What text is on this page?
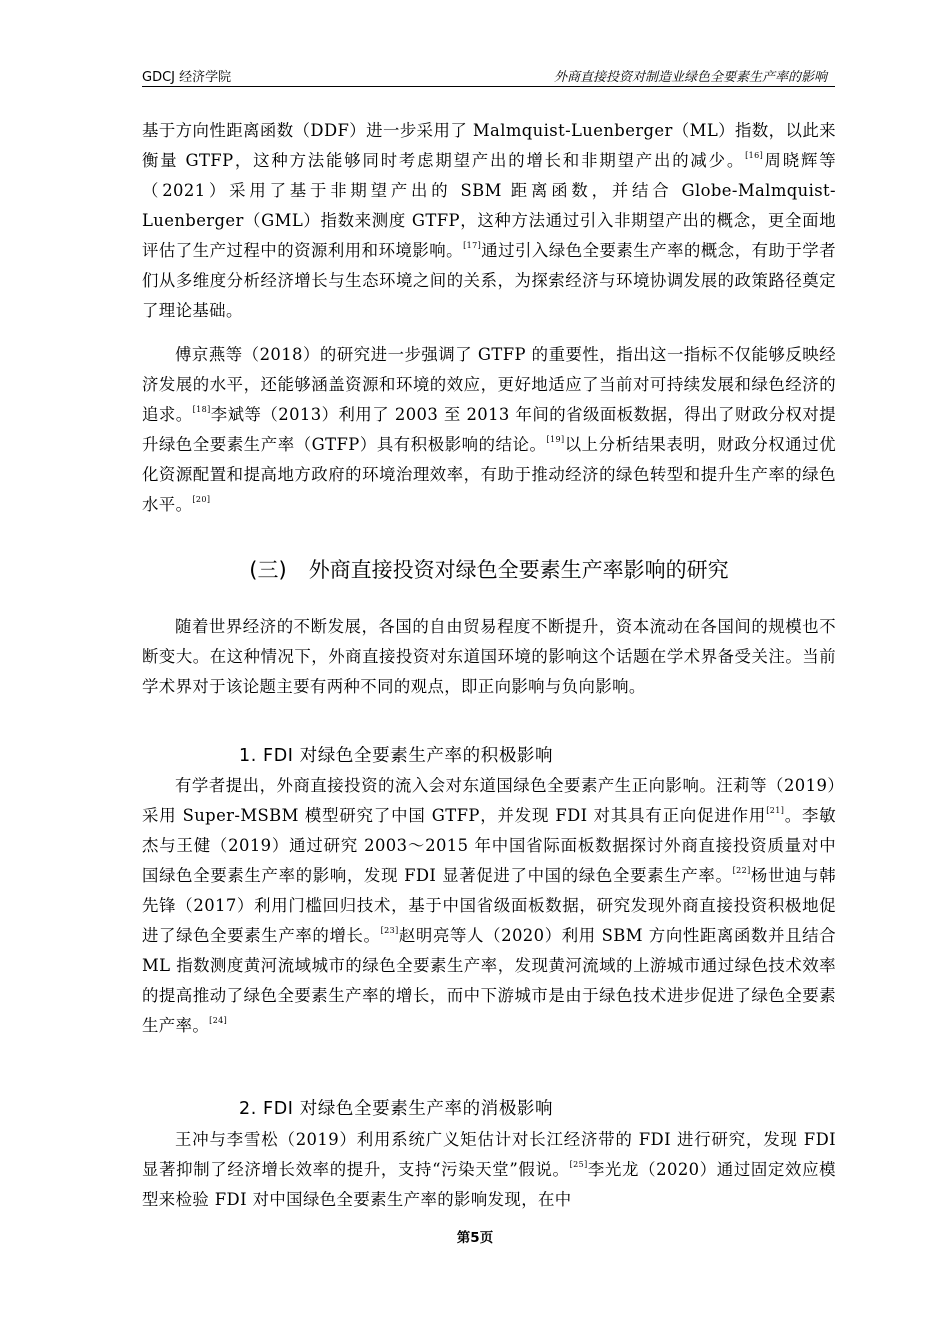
GDCJ 经济学院	外商直接投资对制造业绿色全要素生产率的影响

基于方向性距离函数（DDF）进一步采用了 Malmquist-Luenberger（ML）指数，以此来衡量 GTFP，这种方法能够同时考虑期望产出的增长和非期望产出的减少。[16]周晓辉等（2021）采用了基于非期望产出的 SBM 距离函数，并结合 Globe-Malmquist-Luenberger（GML）指数来测度 GTFP，这种方法通过引入非期望产出的概念，更全面地评估了生产过程中的资源利用和环境影响。[17]通过引入绿色全要素生产率的概念，有助于学者们从多维度分析经济增长与生态环境之间的关系，为探索经济与环境协调发展的政策路径奠定了理论基础。

傅京燕等（2018）的研究进一步强调了 GTFP 的重要性，指出这一指标不仅能够反映经济发展的水平，还能够涵盖资源和环境的效应，更好地适应了当前对可持续发展和绿色经济的追求。[18]李斌等（2013）利用了 2003 至 2013 年间的省级面板数据，得出了财政分权对提升绿色全要素生产率（GTFP）具有积极影响的结论。[19]以上分析结果表明，财政分权通过优化资源配置和提高地方政府的环境治理效率，有助于推动经济的绿色转型和提升生产率的绿色水平。[20]

(三) 外商直接投资对绿色全要素生产率影响的研究

随着世界经济的不断发展，各国的自由贸易程度不断提升，资本流动在各国间的规模也不断变大。在这种情况下，外商直接投资对东道国环境的影响这个话题在学术界备受关注。当前学术界对于该论题主要有两种不同的观点，即正向影响与负向影响。

1. FDI 对绿色全要素生产率的积极影响

有学者提出，外商直接投资的流入会对东道国绿色全要素产生正向影响。汪莉等（2019）采用 Super-MSBM 模型研究了中国 GTFP，并发现 FDI 对其具有正向促进作用[21]。李敏杰与王健（2019）通过研究 2003～2015 年中国省际面板数据探讨外商直接投资质量对中国绿色全要素生产率的影响，发现 FDI 显著促进了中国的绿色全要素生产率。[22]杨世迪与韩先锋（2017）利用门槛回归技术，基于中国省级面板数据，研究发现外商直接投资积极地促进了绿色全要素生产率的增长。[23]赵明亮等人（2020）利用 SBM 方向性距离函数并且结合 ML 指数测度黄河流域城市的绿色全要素生产率，发现黄河流域的上游城市通过绿色技术效率的提高推动了绿色全要素生产率的增长，而中下游城市是由于绿色技术进步促进了绿色全要素生产率。[24]

2. FDI 对绿色全要素生产率的消极影响

王冲与李雪松（2019）利用系统广义矩估计对长江经济带的 FDI 进行研究，发现 FDI 显著抑制了经济增长效率的提升，支持“污染天堂”假说。[25]李光龙（2020）通过固定效应模型来检验 FDI 对中国绿色全要素生产率的影响发现，在中

第5页
